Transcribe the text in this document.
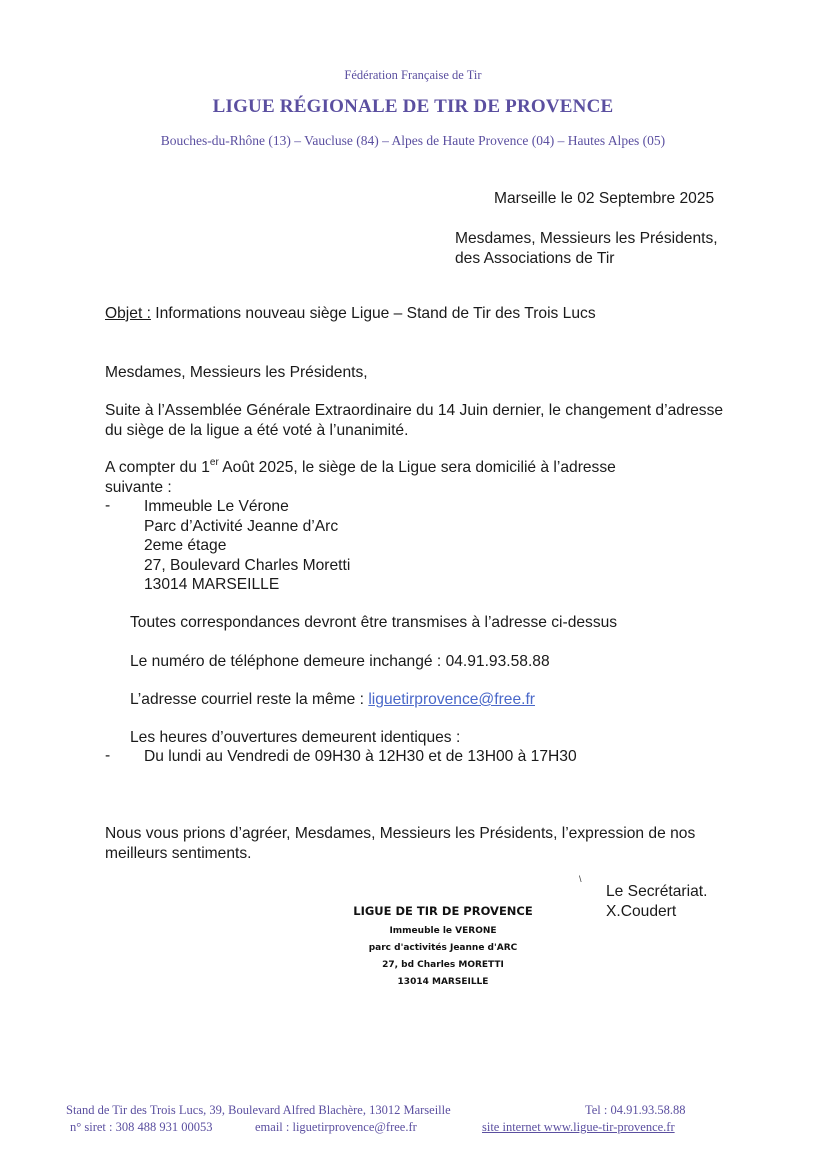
Fédération Française de Tir
LIGUE RÉGIONALE DE TIR DE PROVENCE
Bouches-du-Rhône (13) – Vaucluse (84) – Alpes de Haute Provence (04) – Hautes Alpes (05)
Marseille le 02 Septembre 2025
Mesdames, Messieurs les Présidents,
des Associations de Tir
Objet : Informations nouveau siège Ligue – Stand de Tir des Trois Lucs
Mesdames, Messieurs les Présidents,
Suite à l’Assemblée Générale Extraordinaire du 14 Juin dernier, le changement d’adresse
du siège de la ligue a été voté à l’unanimité.
A compter du 1er Août 2025, le siège de la Ligue sera domicilié à l’adresse
suivante :
- Immeuble Le Vérone
Parc d’Activité Jeanne d’Arc
2eme étage
27, Boulevard Charles Moretti
13014 MARSEILLE
Toutes correspondances devront être transmises à l’adresse ci-dessus
Le numéro de téléphone demeure inchangé : 04.91.93.58.88
L’adresse courriel reste la même : liguetirprovence@free.fr
Les heures d’ouvertures demeurent identiques :
- Du lundi au Vendredi de 09H30 à 12H30 et de 13H00 à 17H30
Nous vous prions d’agréer, Mesdames, Messieurs les Présidents, l’expression de nos
meilleurs sentiments.
\
Le Secrétariat.
X.Coudert
LIGUE DE TIR DE PROVENCE
Immeuble le VERONE
parc d'activités Jeanne d'ARC
27, bd Charles MORETTI
13014 MARSEILLE
Stand de Tir des Trois Lucs, 39, Boulevard Alfred Blachère, 13012 Marseille	Tel : 04.91.93.58.88
n° siret : 308 488 931 00053	email : liguetirprovence@free.fr	site internet www.ligue-tir-provence.fr
